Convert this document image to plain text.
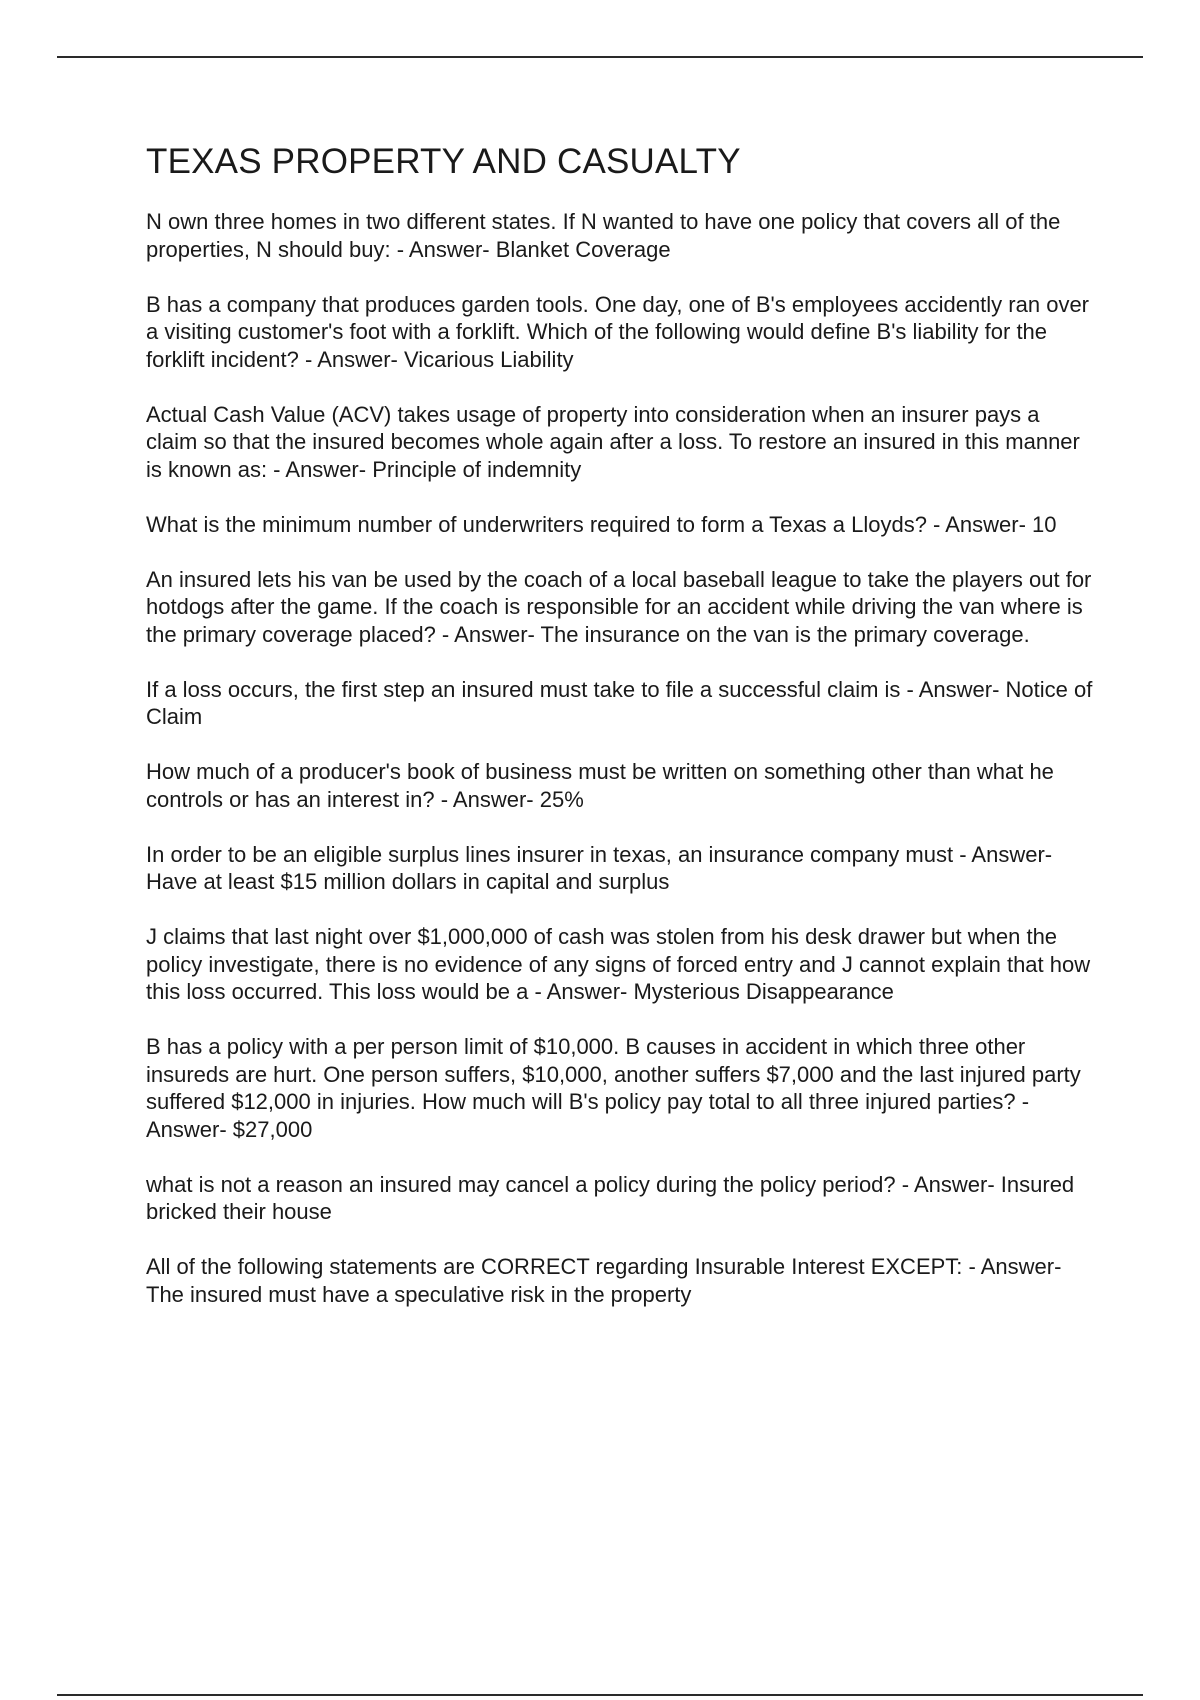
TEXAS PROPERTY AND CASUALTY

N own three homes in two different states. If N wanted to have one policy that covers all of the properties, N should buy: - Answer- Blanket Coverage

B has a company that produces garden tools. One day, one of B's employees accidently ran over a visiting customer's foot with a forklift. Which of the following would define B's liability for the forklift incident? - Answer- Vicarious Liability

Actual Cash Value (ACV) takes usage of property into consideration when an insurer pays a claim so that the insured becomes whole again after a loss. To restore an insured in this manner is known as: - Answer- Principle of indemnity

What is the minimum number of underwriters required to form a Texas a Lloyds? - Answer- 10

An insured lets his van be used by the coach of a local baseball league to take the players out for hotdogs after the game. If the coach is responsible for an accident while driving the van where is the primary coverage placed? - Answer- The insurance on the van is the primary coverage.

If a loss occurs, the first step an insured must take to file a successful claim is - Answer- Notice of Claim

How much of a producer's book of business must be written on something other than what he controls or has an interest in? - Answer- 25%

In order to be an eligible surplus lines insurer in texas, an insurance company must - Answer- Have at least $15 million dollars in capital and surplus

J claims that last night over $1,000,000 of cash was stolen from his desk drawer but when the policy investigate, there is no evidence of any signs of forced entry and J cannot explain that how this loss occurred. This loss would be a - Answer- Mysterious Disappearance

B has a policy with a per person limit of $10,000. B causes in accident in which three other insureds are hurt. One person suffers, $10,000, another suffers $7,000 and the last injured party suffered $12,000 in injuries. How much will B's policy pay total to all three injured parties? - Answer- $27,000

what is not a reason an insured may cancel a policy during the policy period? - Answer- Insured bricked their house

All of the following statements are CORRECT regarding Insurable Interest EXCEPT: - Answer- The insured must have a speculative risk in the property
